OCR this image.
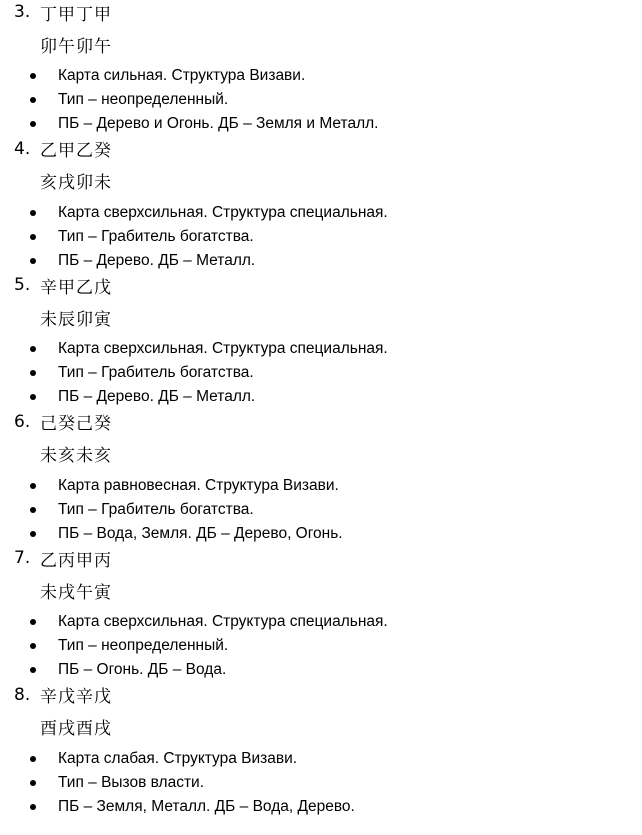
3. 丁甲丁甲
卯午卯午
Карта сильная. Структура Визави.
Тип – неопределенный.
ПБ – Дерево и Огонь. ДБ – Земля и Металл.
4. 乙甲乙癸
亥戌卯未
Карта сверхсильная. Структура специальная.
Тип – Грабитель богатства.
ПБ – Дерево. ДБ – Металл.
5. 辛甲乙戊
未辰卯寅
Карта сверхсильная. Структура специальная.
Тип – Грабитель богатства.
ПБ – Дерево. ДБ – Металл.
6. 己癸己癸
未亥未亥
Карта равновесная. Структура Визави.
Тип – Грабитель богатства.
ПБ – Вода, Земля. ДБ – Дерево, Огонь.
7. 乙丙甲丙
未戌午寅
Карта сверхсильная. Структура специальная.
Тип – неопределенный.
ПБ – Огонь. ДБ – Вода.
8. 辛戊辛戊
酉戌酉戌
Карта слабая. Структура Визави.
Тип – Вызов власти.
ПБ – Земля, Металл. ДБ – Вода, Дерево.
